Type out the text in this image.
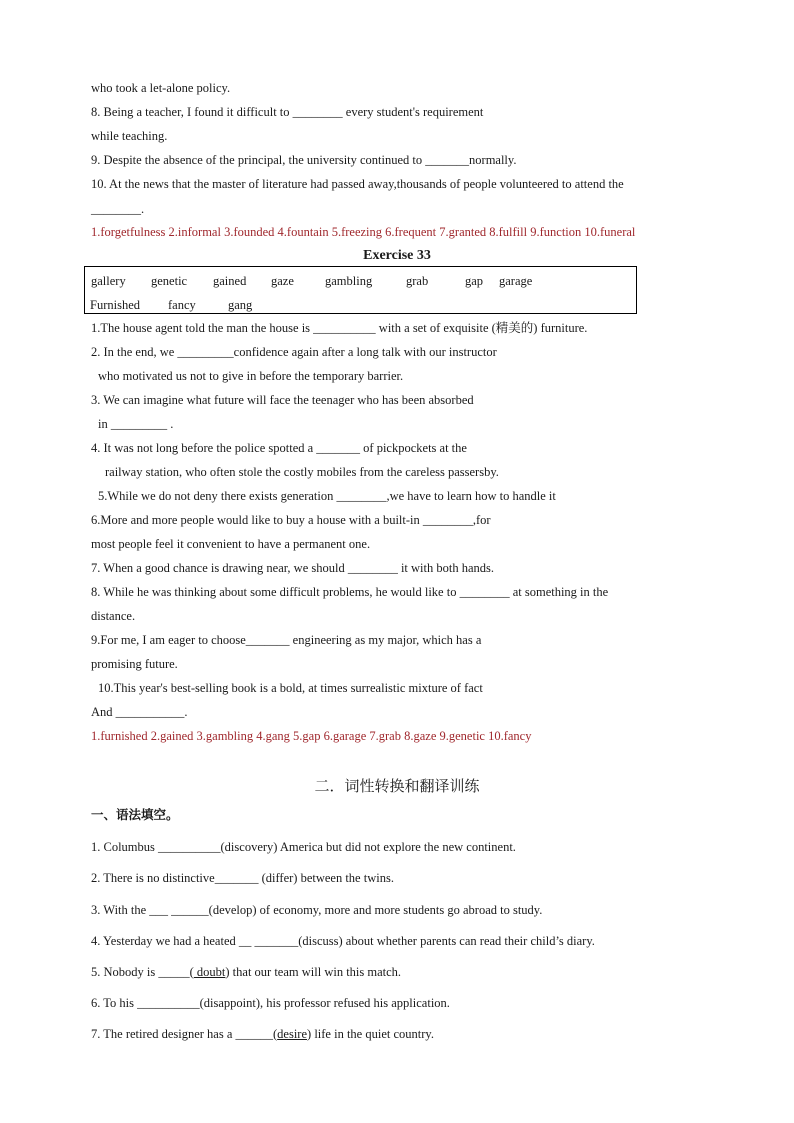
who took a let-alone policy.
8. Being a teacher, I found it difficult to ________ every student's requirement
while teaching.
9. Despite the absence of the principal, the university continued to _______normally.
10. At the news that the master of literature had passed away,thousands of people volunteered to attend the
________.
1.forgetfulness 2.informal 3.founded 4.fountain 5.freezing 6.frequent 7.granted 8.fulfill 9.function 10.funeral
Exercise 33
gallery genetic gained gaze gambling	grab	gap garage
Furnished fancy	gang
1.The house agent told the man the house is __________ with a set of exquisite (精美的) furniture.
2. In the end, we _________confidence again after a long talk with our instructor
who motivated us not to give in before the temporary barrier.
3. We can imagine what future will face the teenager who has been absorbed
in _________ .
4. It was not long before the police spotted a _______ of pickpockets at the
railway station, who often stole the costly mobiles from the careless passersby.
5.While we do not deny there exists generation ________,we have to learn how to handle it
6.More and more people would like to buy a house with a built-in ________,for
most people feel it convenient to have a permanent one.
7. When a good chance is drawing near, we should ________ it with both hands.
8. While he was thinking about some difficult problems, he would like to ________ at something in the
distance.
9.For me, I am eager to choose_______ engineering as my major, which has a
promising future.
10.This year's best-selling book is a bold, at times surrealistic mixture of fact
And ___________.
1.furnished 2.gained 3.gambling 4.gang 5.gap 6.garage 7.grab 8.gaze 9.genetic 10.fancy
二．词性转换和翻译训练
一、语法填空。
1. Columbus __________(discovery) America but did not explore the new continent.
2. There is no distinctive_______ (differ) between the twins.
3. With the ___ ______(develop) of economy, more and more students go abroad to study.
4. Yesterday we had a heated __ _______(discuss) about whether parents can read their child’s diary.
5. Nobody is _____( doubt) that our team will win this match.
6. To his __________(disappoint), his professor refused his application.
7. The retired designer has a ______(desire) life in the quiet country.
